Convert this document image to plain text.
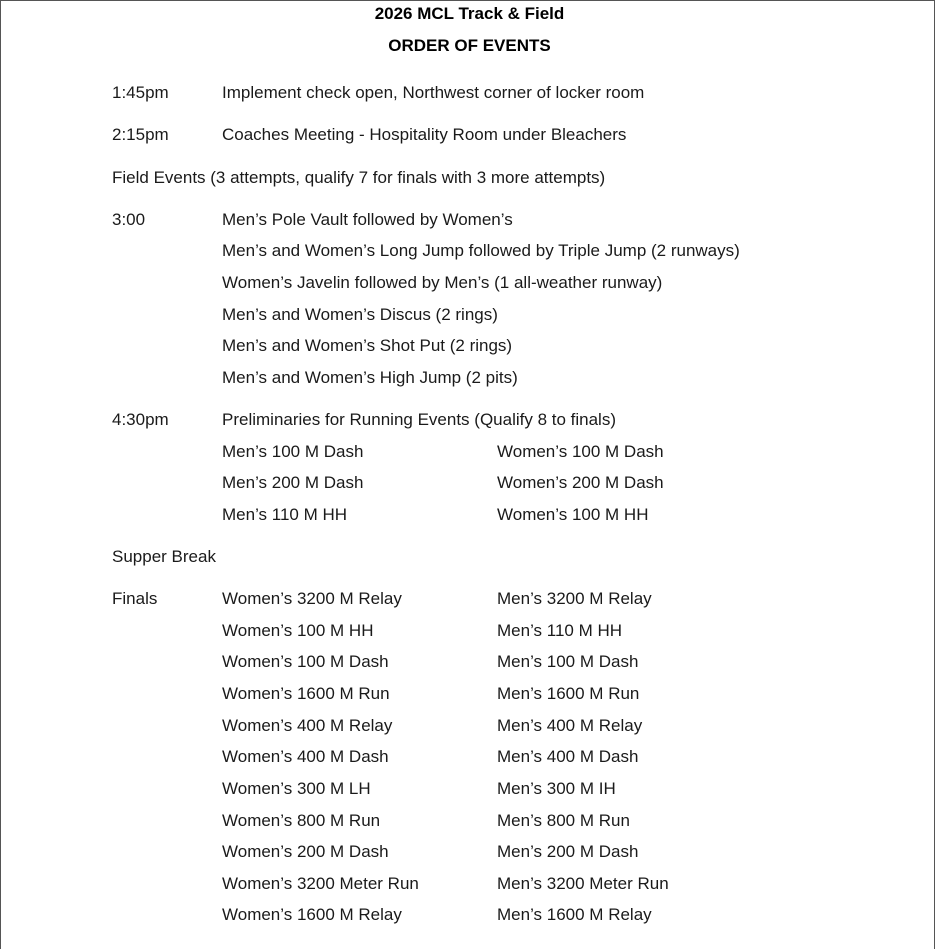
2026 MCL Track & Field
ORDER OF EVENTS
1:45pm	Implement check open, Northwest corner of locker room
2:15pm	Coaches Meeting - Hospitality Room under Bleachers
Field Events (3 attempts, qualify 7 for finals with 3 more attempts)
3:00	Men’s Pole Vault followed by Women’s
Men’s and Women’s Long Jump followed by Triple Jump (2 runways)
Women’s Javelin followed by Men’s (1 all-weather runway)
Men’s and Women’s Discus (2 rings)
Men’s and Women’s Shot Put (2 rings)
Men’s and Women’s High Jump (2 pits)
4:30pm	Preliminaries for Running Events (Qualify 8 to finals)
Men’s 100 M Dash	Women’s 100 M Dash
Men’s 200 M Dash	Women’s 200 M Dash
Men’s 110 M HH	Women’s 100 M HH
Supper Break
Finals	Women’s 3200 M Relay	Men’s 3200 M Relay
Women’s 100 M HH	Men’s 110 M HH
Women’s 100 M Dash	Men’s 100 M Dash
Women’s 1600 M Run	Men’s 1600 M Run
Women’s 400 M Relay	Men’s 400 M Relay
Women’s 400 M Dash	Men’s 400 M Dash
Women’s 300 M LH	Men’s 300 M IH
Women’s 800 M Run	Men’s 800 M Run
Women’s 200 M Dash	Men’s 200 M Dash
Women’s 3200 Meter Run	Men’s 3200 Meter Run
Women’s 1600 M Relay	Men’s 1600 M Relay
